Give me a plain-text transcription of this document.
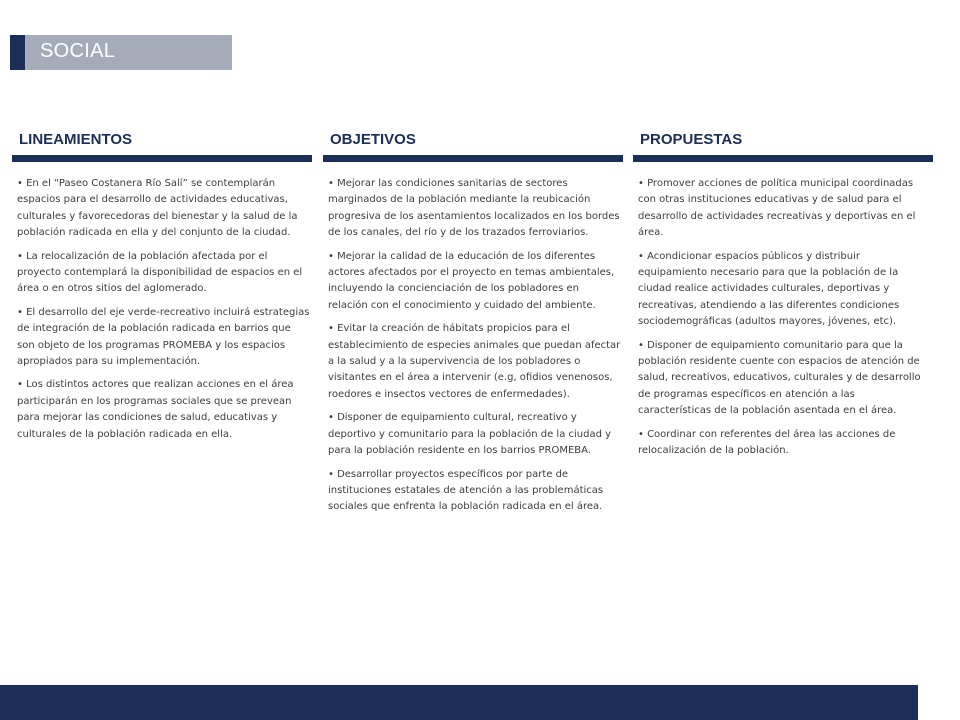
SOCIAL
LINEAMIENTOS

• En el “Paseo Costanera Río Salí” se contemplarán espacios para el desarrollo de actividades educativas, culturales y favorecedoras del bienestar y la salud de la población radicada en ella y del conjunto de la ciudad.

• La relocalización de la población afectada por el proyecto contemplará la disponibilidad de espacios en el área o en otros sitios del aglomerado.

• El desarrollo del eje verde-recreativo incluirá estrategias de integración de la población radicada en barrios que son objeto de los programas PROMEBA y los espacios apropiados para su implementación.

• Los distintos actores que realizan acciones en el área participarán en los programas sociales que se prevean para mejorar las condiciones de salud, educativas y culturales de la población radicada en ella.

OBJETIVOS

• Mejorar las condiciones sanitarias de sectores marginados de la población mediante la reubicación progresiva de los asentamientos localizados en los bordes de los canales, del río y de los trazados ferroviarios.

• Mejorar la calidad de la educación de los diferentes actores afectados por el proyecto en temas ambientales, incluyendo la concienciación de los pobladores en relación con el conocimiento y cuidado del ambiente.

• Evitar la creación de hábitats propicios para el establecimiento de especies animales que puedan afectar a la salud y a la supervivencia de los pobladores o visitantes en el área a intervenir (e.g, ofidios venenosos, roedores e insectos vectores de enfermedades).

• Disponer de equipamiento cultural, recreativo y deportivo y comunitario para la población de la ciudad y para la población residente en los barrios PROMEBA.

• Desarrollar proyectos específicos por parte de instituciones estatales de atención a las problemáticas sociales que enfrenta la población radicada en el área.

PROPUESTAS

• Promover acciones de política municipal coordinadas con otras instituciones educativas y de salud para el desarrollo de actividades recreativas y deportivas en el área.

• Acondicionar espacios públicos y distribuir equipamiento necesario para que la población de la ciudad realice actividades culturales, deportivas y recreativas, atendiendo a las diferentes condiciones sociodemográficas (adultos mayores, jóvenes, etc).

• Disponer de equipamiento comunitario para que la población residente cuente con espacios de atención de salud, recreativos, educativos, culturales y de desarrollo de programas específicos en atención a las características de la población asentada en el área.

• Coordinar con referentes del área las acciones de relocalización de la población.
